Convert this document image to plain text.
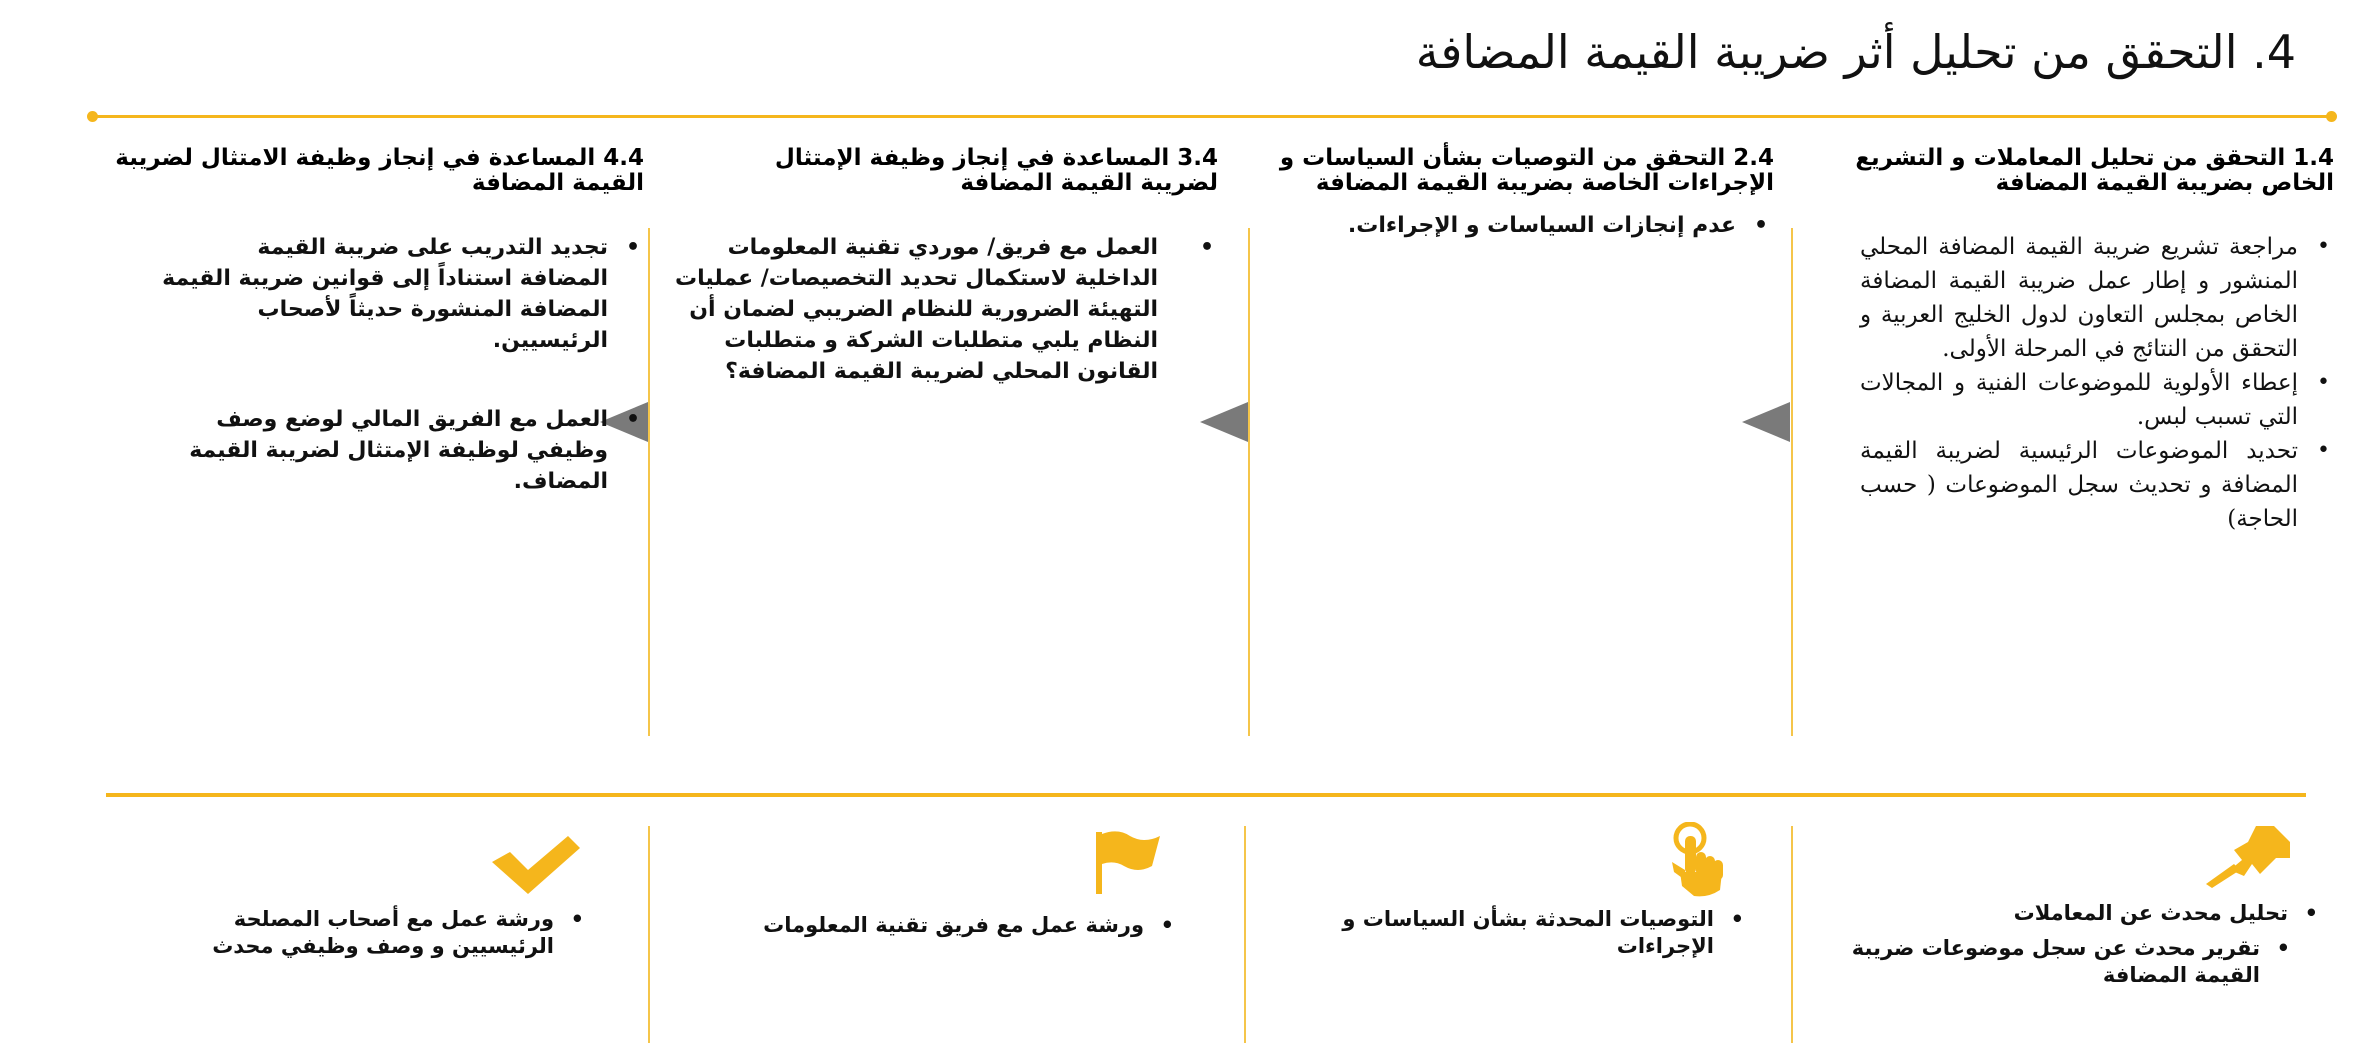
4. التحقق من تحليل أثر ضريبة القيمة المضافة
1.4 التحقق من تحليل المعاملات و التشريع الخاص بضريبة القيمة المضافة
• مراجعة تشريع ضريبة القيمة المضافة المحلي المنشور و إطار عمل ضريبة القيمة المضافة الخاص بمجلس التعاون لدول الخليج العربية و التحقق من النتائج في المرحلة الأولى.
• إعطاء الأولوية للموضوعات الفنية و المجالات التي تسبب لبس.
• تحديد الموضوعات الرئيسية لضريبة القيمة المضافة و تحديث سجل الموضوعات ( حسب الحاجة)
2.4 التحقق من التوصيات بشأن السياسات و الإجراءات الخاصة بضريبة القيمة المضافة
• عدم إنجازات السياسات و الإجراءات.
3.4 المساعدة في إنجاز وظيفة الإمتثال لضريبة القيمة المضافة
• العمل مع فريق/ موردي تقنية المعلومات الداخلية لاستكمال تحديد التخصيصات/ عمليات التهيئة الضرورية للنظام الضريبي لضمان أن النظام يلبي متطلبات الشركة و متطلبات القانون المحلي لضريبة القيمة المضافة؟
4.4 المساعدة في إنجاز وظيفة الامتثال لضريبة القيمة المضافة
• تجديد التدريب على ضريبة القيمة المضافة استناداً إلى قوانين ضريبة القيمة المضافة المنشورة حديثاً لأصحاب الرئيسيين.
• العمل مع الفريق المالي لوضع وصف وظيفي لوظيفة الإمتثال لضريبة القيمة المضاف.
• تحليل محدث عن المعاملات
• تقرير محدث عن سجل موضوعات ضريبة القيمة المضافة
• التوصيات المحدثة بشأن السياسات و الإجراءات
• ورشة عمل مع فريق تقنية المعلومات
• ورشة عمل مع أصحاب المصلحة الرئيسيين و وصف وظيفي محدث
